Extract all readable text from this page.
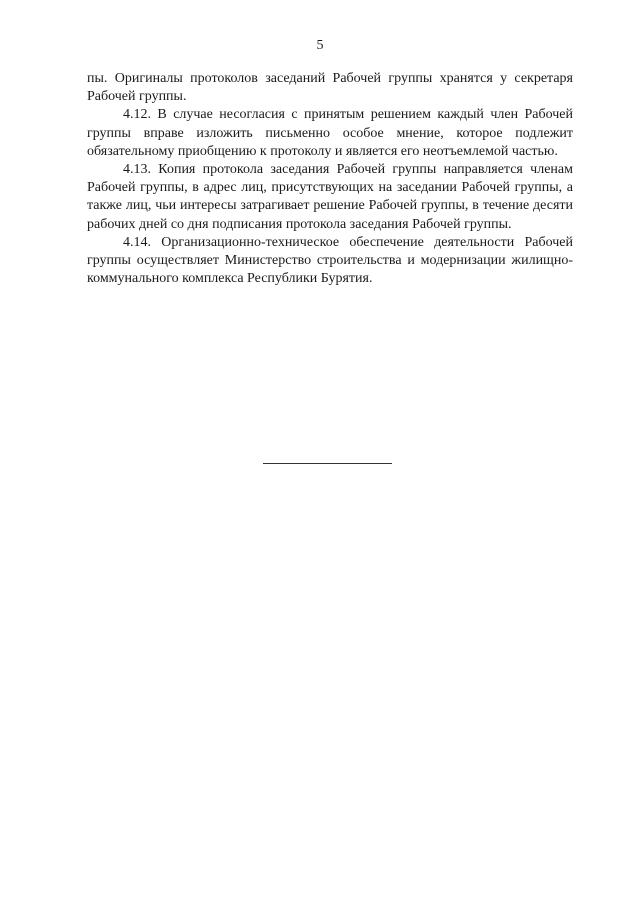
5

пы. Оригиналы протоколов заседаний Рабочей группы хранятся у секретаря Рабочей группы.

4.12. В случае несогласия с принятым решением каждый член Рабочей группы вправе изложить письменно особое мнение, которое подлежит обязательному приобщению к протоколу и является его неотъемлемой частью.

4.13. Копия протокола заседания Рабочей группы направляется членам Рабочей группы, в адрес лиц, присутствующих на заседании Рабочей группы, а также лиц, чьи интересы затрагивает решение Рабочей группы, в течение десяти рабочих дней со дня подписания протокола заседания Рабочей группы.

4.14. Организационно-техническое обеспечение деятельности Рабочей группы осуществляет Министерство строительства и модернизации жилищно-коммунального комплекса Республики Бурятия.
